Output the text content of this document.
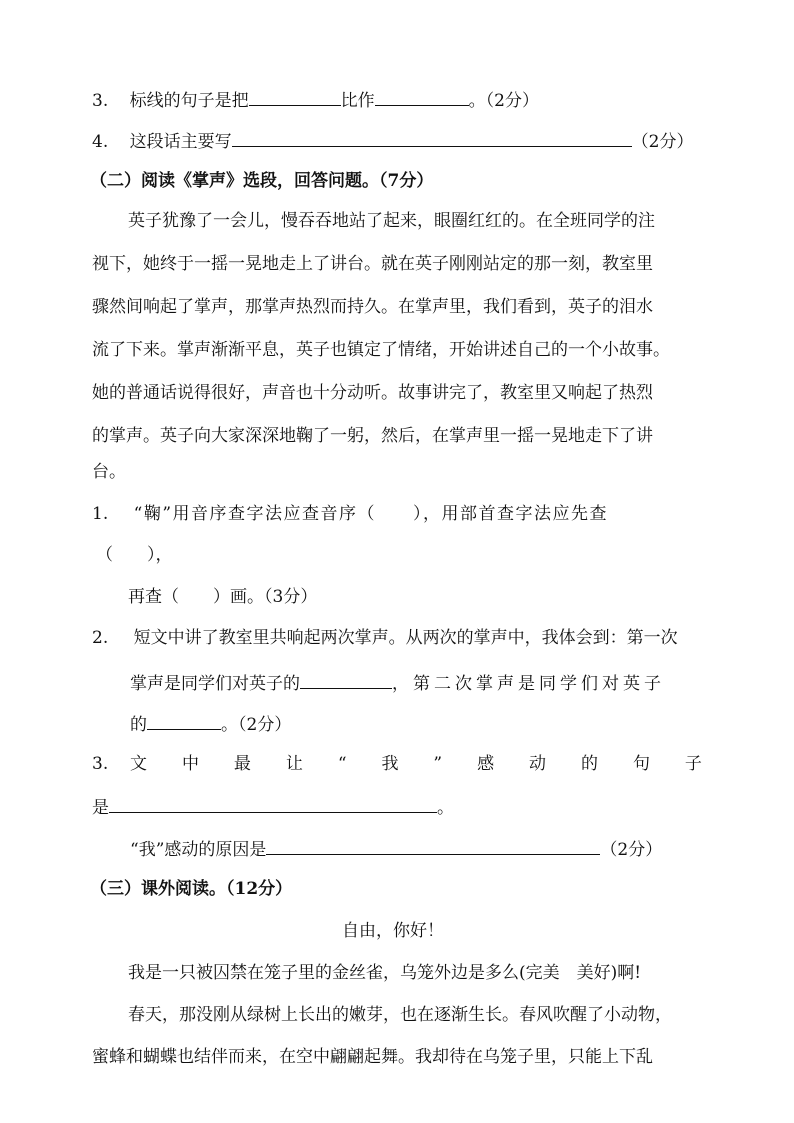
3. 标线的句子是把	比作	。（2分）
4. 这段话主要写	（2分）
（二）阅读《掌声》选段，回答问题。（7分）
英子犹豫了一会儿，慢吞吞地站了起来，眼圈红红的。在全班同学的注
视下，她终于一摇一晃地走上了讲台。就在英子刚刚站定的那一刻，教室里
骤然间响起了掌声，那掌声热烈而持久。在掌声里，我们看到，英子的泪水
流了下来。掌声渐渐平息，英子也镇定了情绪，开始讲述自己的一个小故事。
她的普通话说得很好，声音也十分动听。故事讲完了，教室里又响起了热烈
的掌声。英子向大家深深地鞠了一躬，然后，在掌声里一摇一晃地走下了讲
台。
1. “鞠”用音序查字法应查音序（　　），用部首查字法应先查
（　　），
再查（　　）画。（3分）
2. 短文中讲了教室里共响起两次掌声。从两次的掌声中，我体会到：第一次
掌声是同学们对英子的	，第二次掌声是同学们对英子
的	。（2分）
3. 文 中 最 让 “ 我 ” 感 动 的 句 子
是	。
“我”感动的原因是	（2分）
（三）课外阅读。（12分）
自由，你好！
我是一只被囚禁在笼子里的金丝雀，乌笼外边是多么(完美　美好)啊!
春天，那没刚从绿树上长出的嫩芽，也在逐渐生长。春风吹醒了小动物，
蜜蜂和蝴蝶也结伴而来，在空中翩翩起舞。我却待在乌笼子里，只能上下乱
